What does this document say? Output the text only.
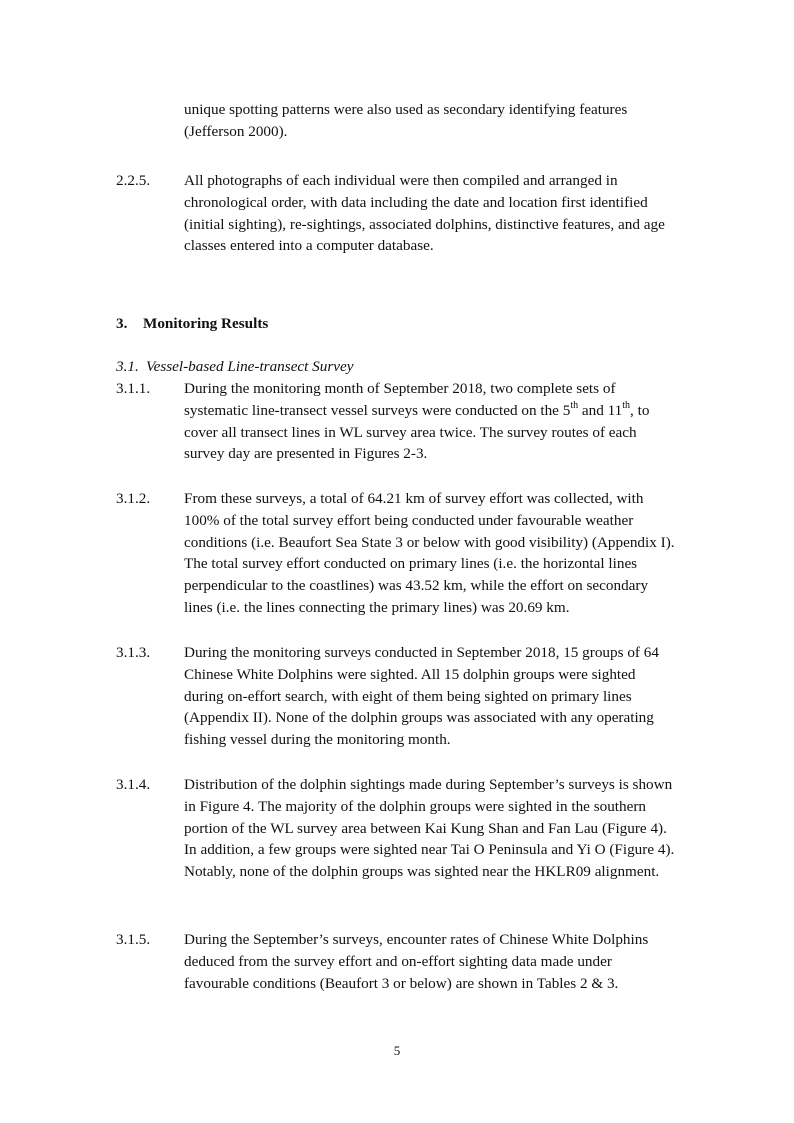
unique spotting patterns were also used as secondary identifying features (Jefferson 2000).
2.2.5.	All photographs of each individual were then compiled and arranged in chronological order, with data including the date and location first identified (initial sighting), re-sightings, associated dolphins, distinctive features, and age classes entered into a computer database.
3. Monitoring Results
3.1. Vessel-based Line-transect Survey
3.1.1.	During the monitoring month of September 2018, two complete sets of systematic line-transect vessel surveys were conducted on the 5th and 11th, to cover all transect lines in WL survey area twice. The survey routes of each survey day are presented in Figures 2-3.
3.1.2.	From these surveys, a total of 64.21 km of survey effort was collected, with 100% of the total survey effort being conducted under favourable weather conditions (i.e. Beaufort Sea State 3 or below with good visibility) (Appendix I). The total survey effort conducted on primary lines (i.e. the horizontal lines perpendicular to the coastlines) was 43.52 km, while the effort on secondary lines (i.e. the lines connecting the primary lines) was 20.69 km.
3.1.3.	During the monitoring surveys conducted in September 2018, 15 groups of 64 Chinese White Dolphins were sighted. All 15 dolphin groups were sighted during on-effort search, with eight of them being sighted on primary lines (Appendix II). None of the dolphin groups was associated with any operating fishing vessel during the monitoring month.
3.1.4.	Distribution of the dolphin sightings made during September’s surveys is shown in Figure 4. The majority of the dolphin groups were sighted in the southern portion of the WL survey area between Kai Kung Shan and Fan Lau (Figure 4). In addition, a few groups were sighted near Tai O Peninsula and Yi O (Figure 4). Notably, none of the dolphin groups was sighted near the HKLR09 alignment.
3.1.5.	During the September’s surveys, encounter rates of Chinese White Dolphins deduced from the survey effort and on-effort sighting data made under favourable conditions (Beaufort 3 or below) are shown in Tables 2 & 3.
5
